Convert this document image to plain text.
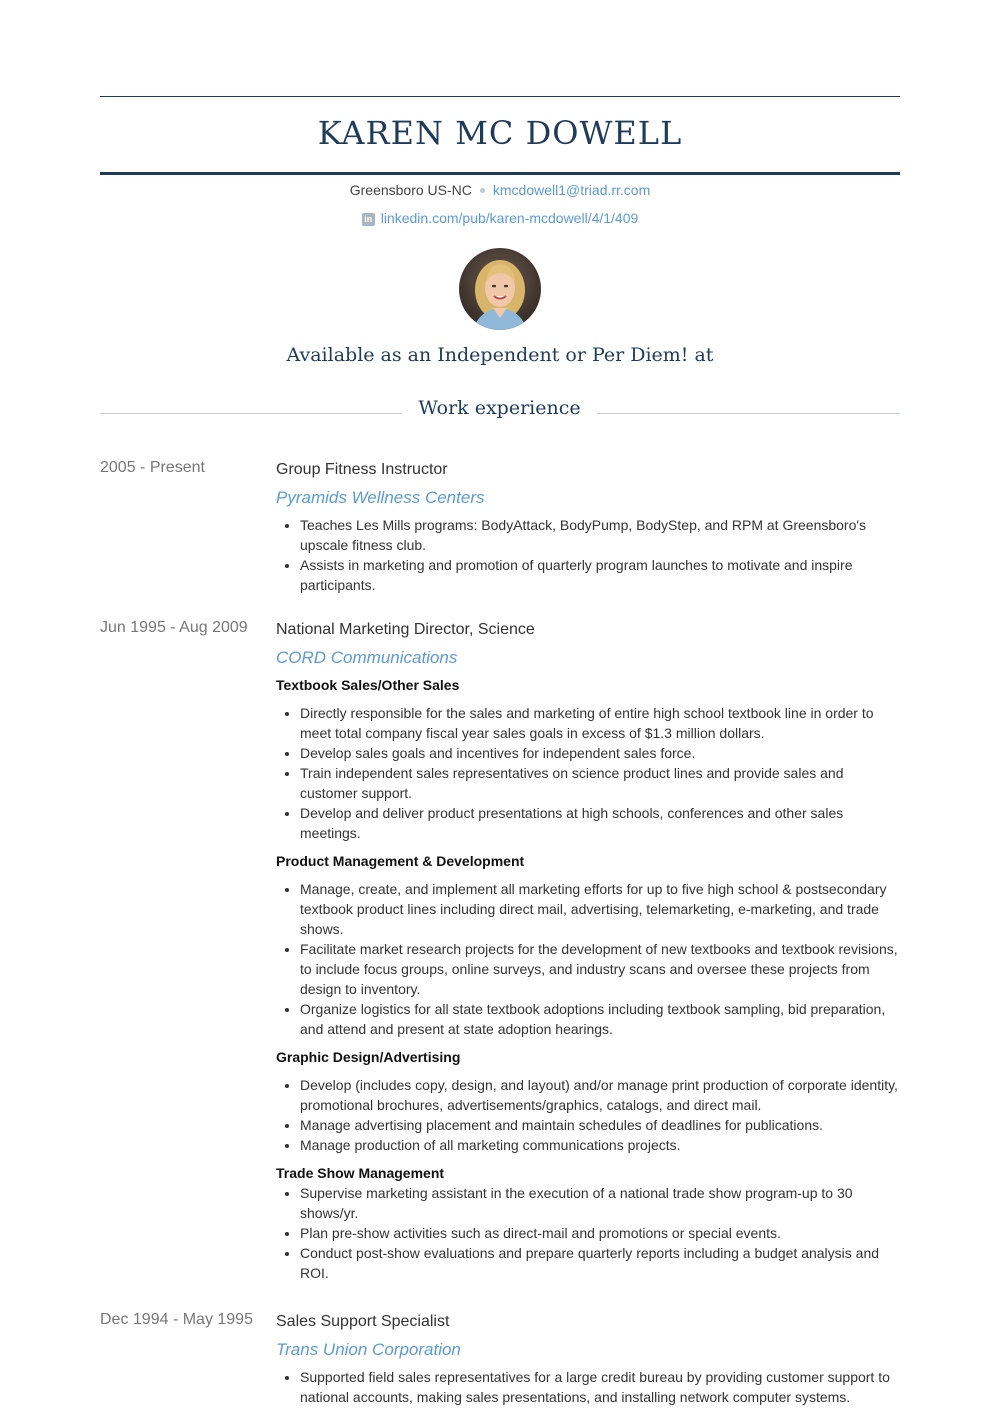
KAREN MC DOWELL
Greensboro US-NC kmcdowell1@triad.rr.com
in linkedin.com/pub/karen-mcdowell/4/1/409
Available as an Independent or Per Diem! at
Work experience
2005 - Present	Group Fitness Instructor
Pyramids Wellness Centers
• Teaches Les Mills programs: BodyAttack, BodyPump, BodyStep, and RPM at Greensboro's upscale fitness club.
• Assists in marketing and promotion of quarterly program launches to motivate and inspire participants.
Jun 1995 - Aug 2009	National Marketing Director, Science
CORD Communications
Textbook Sales/Other Sales
• Directly responsible for the sales and marketing of entire high school textbook line in order to meet total company fiscal year sales goals in excess of $1.3 million dollars.
• Develop sales goals and incentives for independent sales force.
• Train independent sales representatives on science product lines and provide sales and customer support.
• Develop and deliver product presentations at high schools, conferences and other sales meetings.
Product Management & Development
• Manage, create, and implement all marketing efforts for up to five high school & postsecondary textbook product lines including direct mail, advertising, telemarketing, e-marketing, and trade shows.
• Facilitate market research projects for the development of new textbooks and textbook revisions, to include focus groups, online surveys, and industry scans and oversee these projects from design to inventory.
• Organize logistics for all state textbook adoptions including textbook sampling, bid preparation, and attend and present at state adoption hearings.
Graphic Design/Advertising
• Develop (includes copy, design, and layout) and/or manage print production of corporate identity, promotional brochures, advertisements/graphics, catalogs, and direct mail.
• Manage advertising placement and maintain schedules of deadlines for publications.
• Manage production of all marketing communications projects.
Trade Show Management
• Supervise marketing assistant in the execution of a national trade show program-up to 30 shows/yr.
• Plan pre-show activities such as direct-mail and promotions or special events.
• Conduct post-show evaluations and prepare quarterly reports including a budget analysis and ROI.
Dec 1994 - May 1995	Sales Support Specialist
Trans Union Corporation
• Supported field sales representatives for a large credit bureau by providing customer support to national accounts, making sales presentations, and installing network computer systems.
